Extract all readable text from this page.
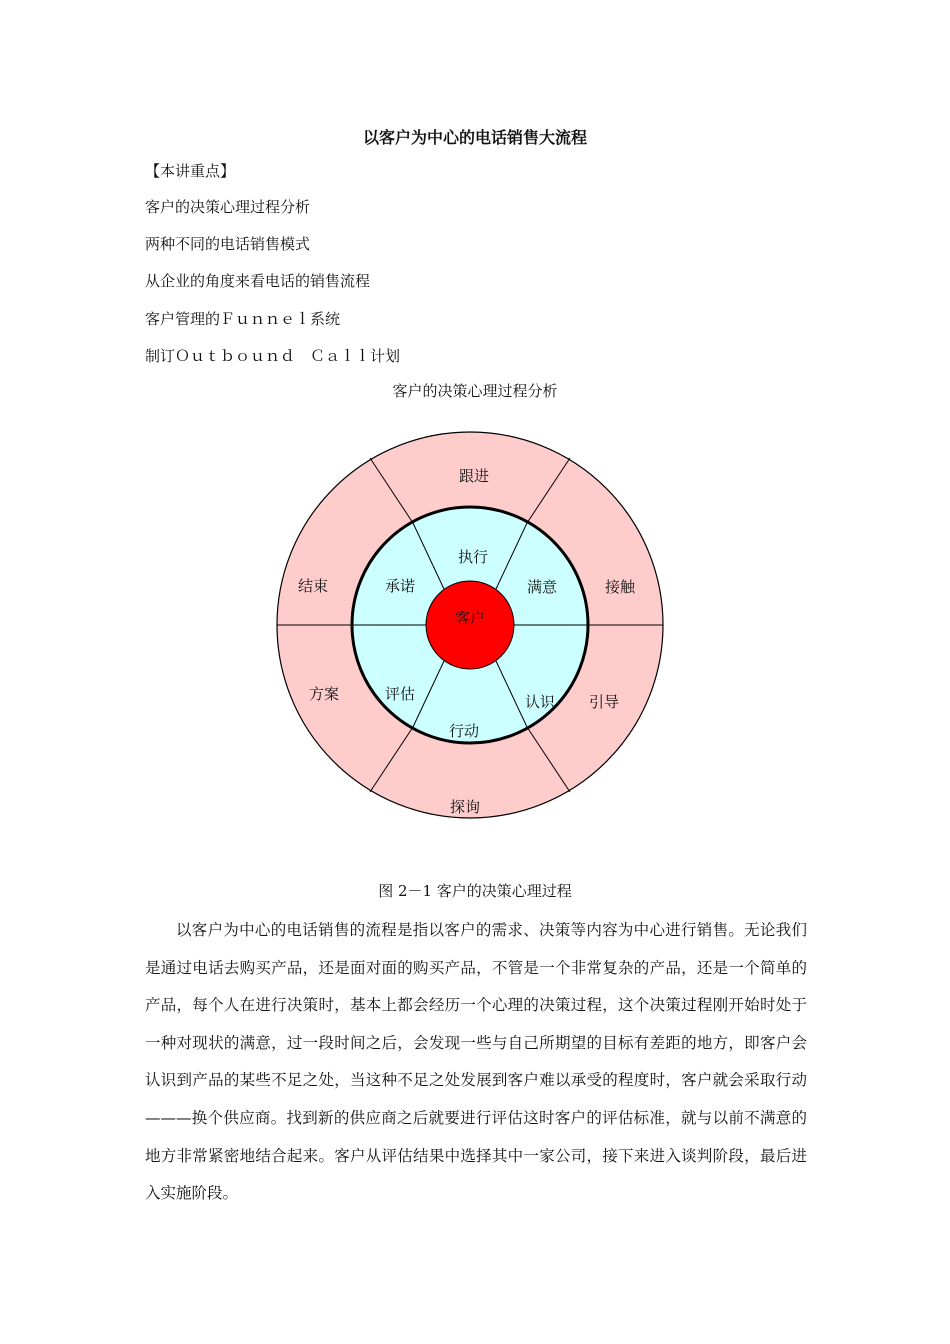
以客户为中心的电话销售大流程
【本讲重点】
客户的决策心理过程分析
两种不同的电话销售模式
从企业的角度来看电话的销售流程
客户管理的Ｆｕｎｎｅｌ系统
制订Ｏｕｔｂｏｕｎｄ　Ｃａｌｌ计划
客户的决策心理过程分析
客户
执行
满意
认识
行动
评估
承诺
跟进
接触
引导
探询
方案
结束
图 2－1 客户的决策心理过程

以客户为中心的电话销售的流程是指以客户的需求、决策等内容为中心进行销售。无论我们是通过电话去购买产品，还是面对面的购买产品，不管是一个非常复杂的产品，还是一个简单的产品，每个人在进行决策时，基本上都会经历一个心理的决策过程，这个决策过程刚开始时处于一种对现状的满意，过一段时间之后，会发现一些与自己所期望的目标有差距的地方，即客户会认识到产品的某些不足之处，当这种不足之处发展到客户难以承受的程度时，客户就会采取行动———换个供应商。找到新的供应商之后就要进行评估这时客户的评估标准，就与以前不满意的地方非常紧密地结合起来。客户从评估结果中选择其中一家公司，接下来进入谈判阶段，最后进入实施阶段。
